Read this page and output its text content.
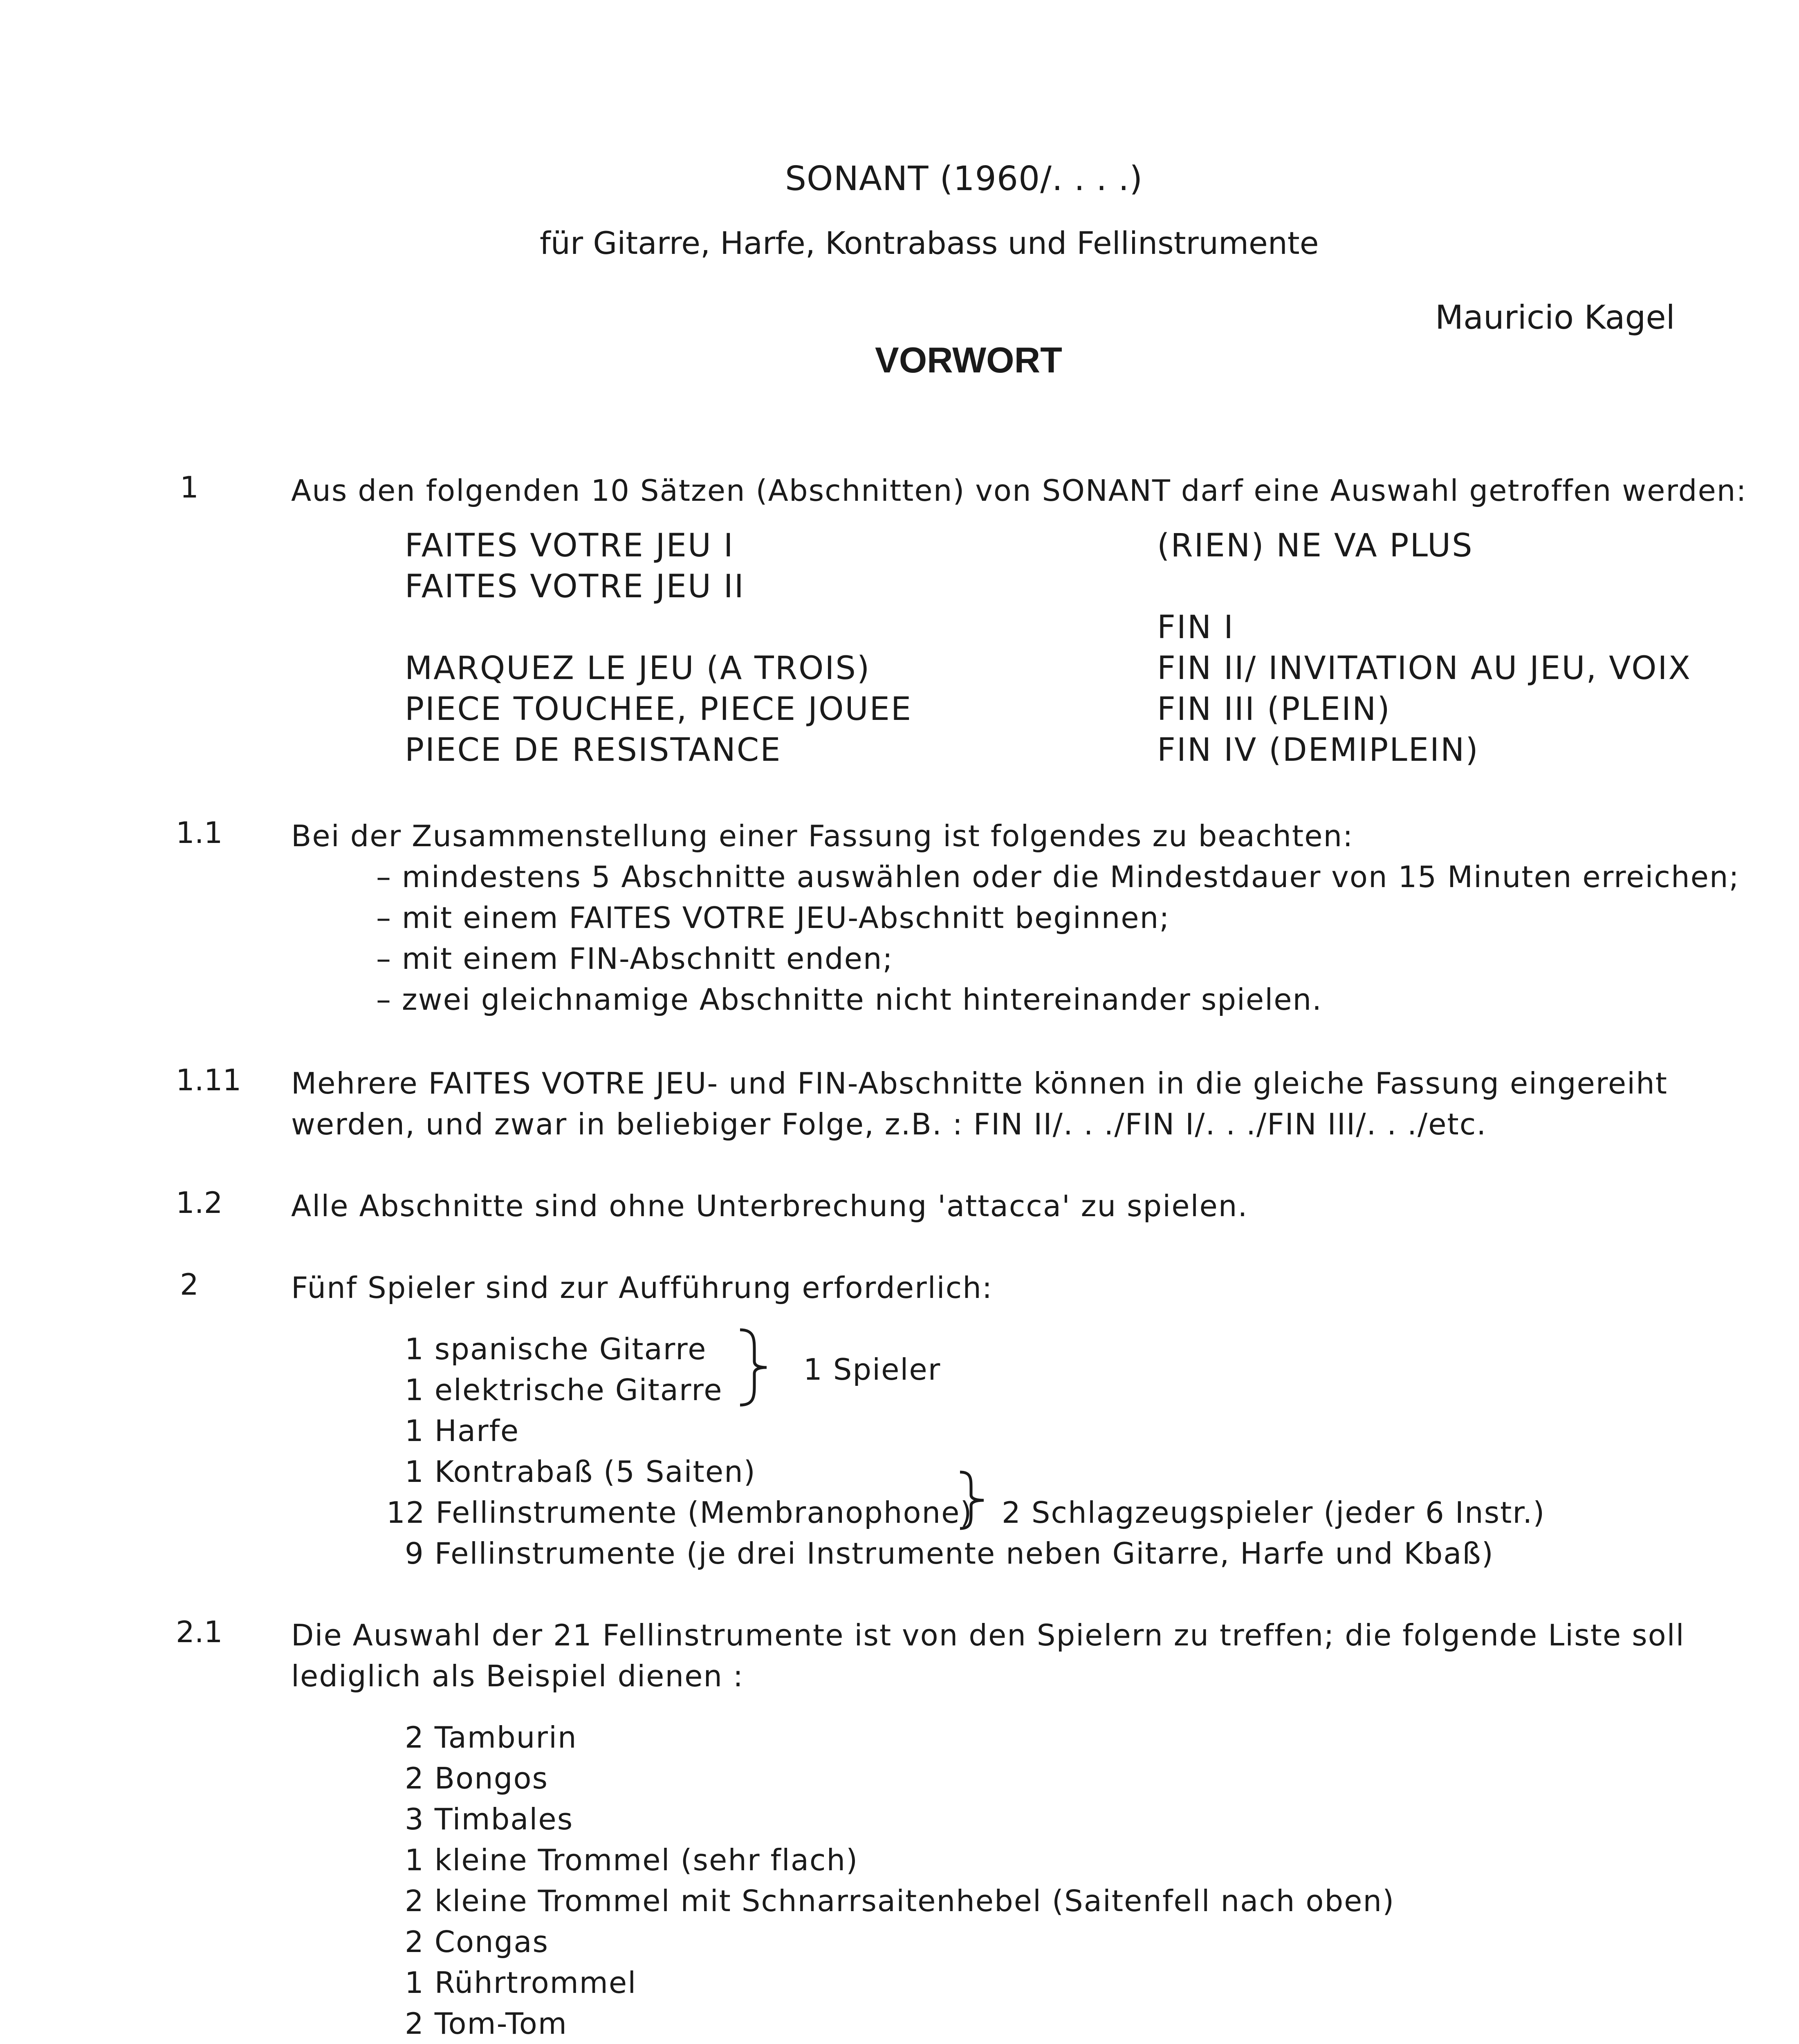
SONANT (1960/. . . .)
für Gitarre, Harfe, Kontrabass und Fellinstrumente
Mauricio Kagel
VORWORT
1	Aus den folgenden 10 Sätzen (Abschnitten) von SONANT darf eine Auswahl getroffen werden:
FAITES VOTRE JEU I
FAITES VOTRE JEU II
MARQUEZ LE JEU (A TROIS)
PIECE TOUCHEE, PIECE JOUEE
PIECE DE RESISTANCE
(RIEN) NE VA PLUS
FIN I
FIN II/ INVITATION AU JEU, VOIX
FIN III (PLEIN)
FIN IV (DEMIPLEIN)
1.1 Bei der Zusammenstellung einer Fassung ist folgendes zu beachten:
– mindestens 5 Abschnitte auswählen oder die Mindestdauer von 15 Minuten erreichen;
– mit einem FAITES VOTRE JEU-Abschnitt beginnen;
– mit einem FIN-Abschnitt enden;
– zwei gleichnamige Abschnitte nicht hintereinander spielen.
1.11 Mehrere FAITES VOTRE JEU- und FIN-Abschnitte können in die gleiche Fassung eingereiht
werden, und zwar in beliebiger Folge, z.B. : FIN II/. . ./FIN I/. . ./FIN III/. . ./etc.
1.2 Alle Abschnitte sind ohne Unterbrechung 'attacca' zu spielen.
2	Fünf Spieler sind zur Aufführung erforderlich:
1 spanische Gitarre
1 elektrische Gitarre
1 Harfe
1 Kontrabaß (5 Saiten)
12 Fellinstrumente (Membranophone)
9 Fellinstrumente (je drei Instrumente neben Gitarre, Harfe und Kbaß)
1 Spieler
2 Schlagzeugspieler (jeder 6 Instr.)
2.1 Die Auswahl der 21 Fellinstrumente ist von den Spielern zu treffen; die folgende Liste soll
lediglich als Beispiel dienen :
2 Tamburin
2 Bongos
3 Timbales
1 kleine Trommel (sehr flach)
2 kleine Trommel mit Schnarrsaitenhebel (Saitenfell nach oben)
2 Congas
1 Rührtrommel
2 Tom-Tom
